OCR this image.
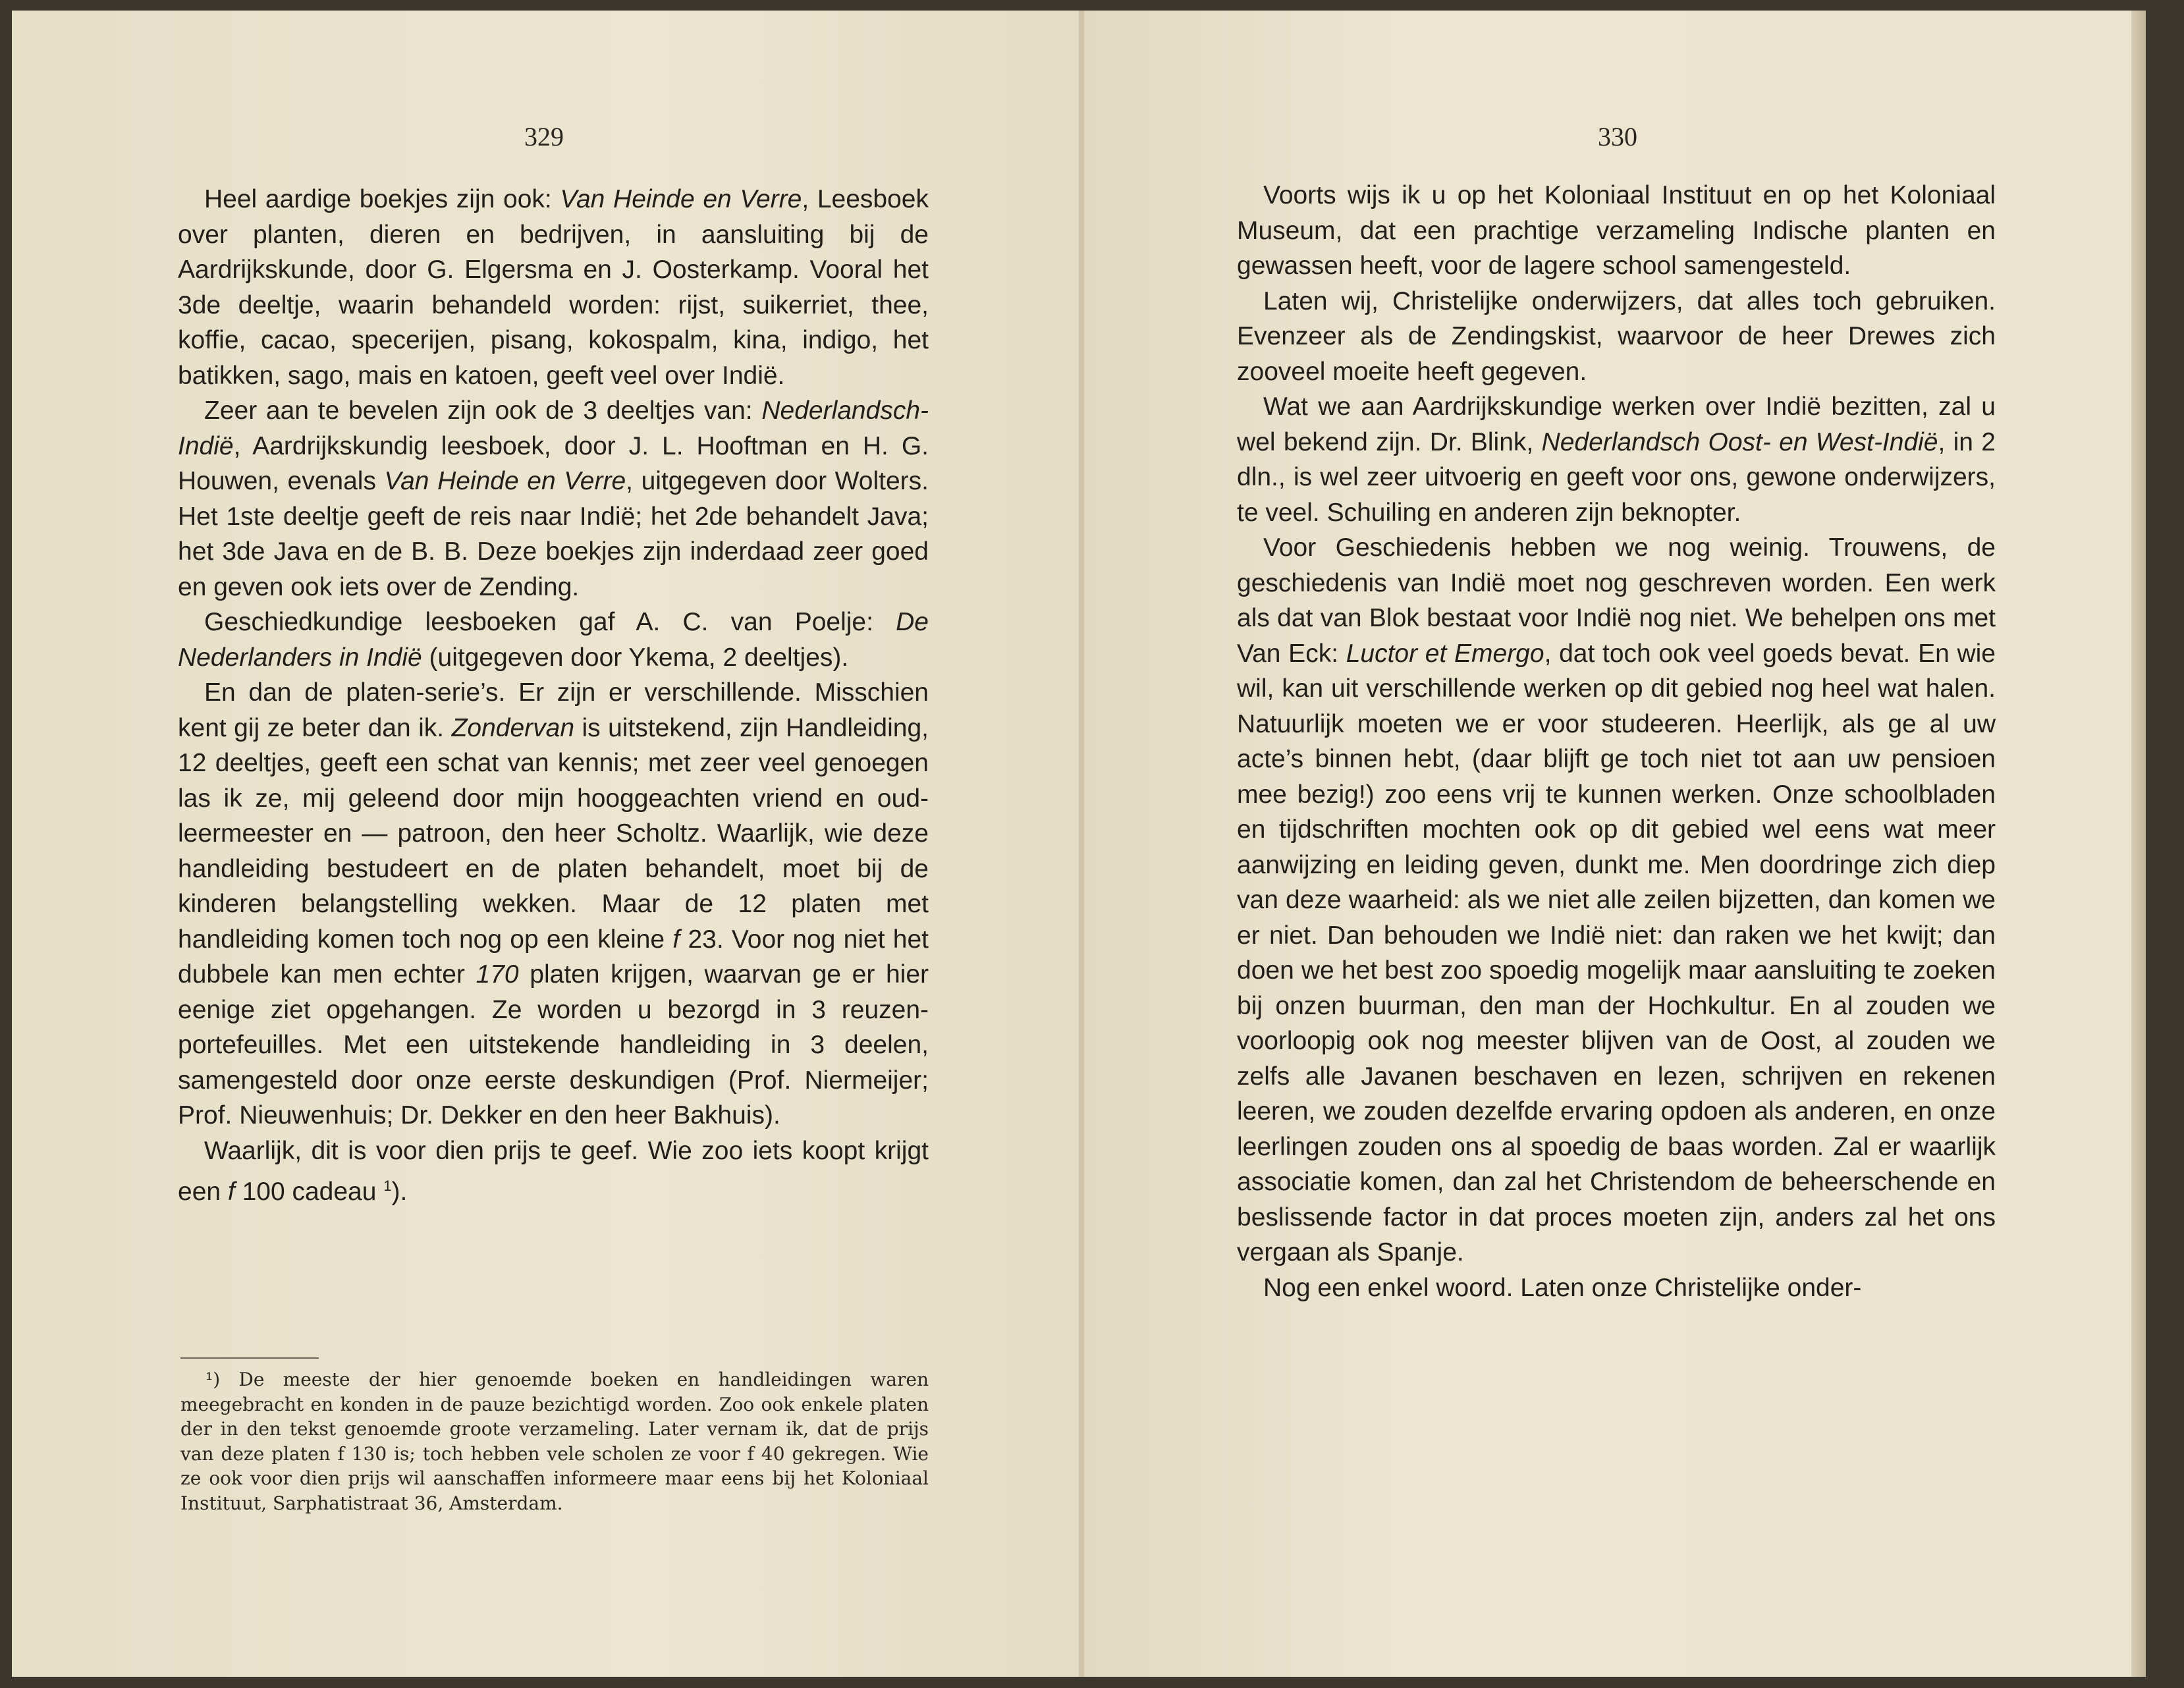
329

Heel aardige boekjes zijn ook: Van Heinde en Verre, Leesboek over planten, dieren en bedrijven, in aansluiting bij de Aardrijkskunde, door G. Elgersma en J. Oosterkamp. Vooral het 3de deeltje, waarin behandeld worden: rijst, suikerriet, thee, koffie, cacao, specerijen, pisang, kokospalm, kina, indigo, het batikken, sago, mais en katoen, geeft veel over Indië.

Zeer aan te bevelen zijn ook de 3 deeltjes van: Nederlandsch-Indië, Aardrijkskundig leesboek, door J. L. Hooftman en H. G. Houwen, evenals Van Heinde en Verre, uitgegeven door Wolters. Het 1ste deeltje geeft de reis naar Indië; het 2de behandelt Java; het 3de Java en de B. B. Deze boekjes zijn inderdaad zeer goed en geven ook iets over de Zending.

Geschiedkundige leesboeken gaf A. C. van Poelje: De Nederlanders in Indië (uitgegeven door Ykema, 2 deeltjes).

En dan de platen-serie’s. Er zijn er verschillende. Misschien kent gij ze beter dan ik. Zondervan is uitstekend, zijn Handleiding, 12 deeltjes, geeft een schat van kennis; met zeer veel genoegen las ik ze, mij geleend door mijn hooggeachten vriend en oud-leermeester en — patroon, den heer Scholtz. Waarlijk, wie deze handleiding bestudeert en de platen behandelt, moet bij de kinderen belangstelling wekken. Maar de 12 platen met handleiding komen toch nog op een kleine f 23. Voor nog niet het dubbele kan men echter 170 platen krijgen, waarvan ge er hier eenige ziet opgehangen. Ze worden u bezorgd in 3 reuzen-portefeuilles. Met een uitstekende handleiding in 3 deelen, samengesteld door onze eerste deskundigen (Prof. Niermeijer; Prof. Nieuwenhuis; Dr. Dekker en den heer Bakhuis).

Waarlijk, dit is voor dien prijs te geef. Wie zoo iets koopt krijgt een f 100 cadeau $^1$).

¹) De meeste der hier genoemde boeken en handleidingen waren meegebracht en konden in de pauze bezichtigd worden. Zoo ook enkele platen der in den tekst genoemde groote verzameling. Later vernam ik, dat de prijs van deze platen f 130 is; toch hebben vele scholen ze voor f 40 gekregen. Wie ze ook voor dien prijs wil aanschaffen informeere maar eens bij het Koloniaal Instituut, Sarphatistraat 36, Amsterdam.
330

Voorts wijs ik u op het Koloniaal Instituut en op het Koloniaal Museum, dat een prachtige verzameling Indische planten en gewassen heeft, voor de lagere school samengesteld.

Laten wij, Christelijke onderwijzers, dat alles toch gebruiken. Evenzeer als de Zendingskist, waarvoor de heer Drewes zich zooveel moeite heeft gegeven.

Wat we aan Aardrijkskundige werken over Indië bezitten, zal u wel bekend zijn. Dr. Blink, Nederlandsch Oost- en West-Indië, in 2 dln., is wel zeer uitvoerig en geeft voor ons, gewone onderwijzers, te veel. Schuiling en anderen zijn beknopter.

Voor Geschiedenis hebben we nog weinig. Trouwens, de geschiedenis van Indië moet nog geschreven worden. Een werk als dat van Blok bestaat voor Indië nog niet. We behelpen ons met Van Eck: Luctor et Emergo, dat toch ook veel goeds bevat. En wie wil, kan uit verschillende werken op dit gebied nog heel wat halen. Natuurlijk moeten we er voor studeeren. Heerlijk, als ge al uw acte’s binnen hebt, (daar blijft ge toch niet tot aan uw pensioen mee bezig!) zoo eens vrij te kunnen werken. Onze schoolbladen en tijdschriften mochten ook op dit gebied wel eens wat meer aanwijzing en leiding geven, dunkt me. Men doordringe zich diep van deze waarheid: als we niet alle zeilen bijzetten, dan komen we er niet. Dan behouden we Indië niet: dan raken we het kwijt; dan doen we het best zoo spoedig mogelijk maar aansluiting te zoeken bij onzen buurman, den man der Hochkultur. En al zouden we voorloopig ook nog meester blijven van de Oost, al zouden we zelfs alle Javanen beschaven en lezen, schrijven en rekenen leeren, we zouden dezelfde ervaring opdoen als anderen, en onze leerlingen zouden ons al spoedig de baas worden. Zal er waarlijk associatie komen, dan zal het Christendom de beheerschende en beslissende factor in dat proces moeten zijn, anders zal het ons vergaan als Spanje.

Nog een enkel woord. Laten onze Christelijke onder-
